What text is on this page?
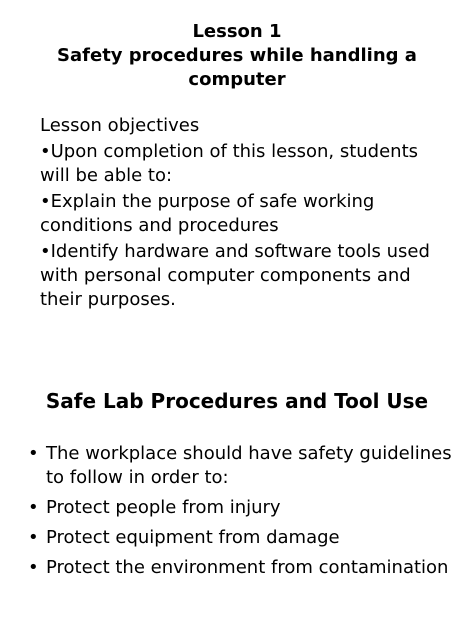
Lesson 1
Safety procedures while handling a
computer
Lesson objectives
•Upon completion of this lesson, students will be able to:
•Explain the purpose of safe working conditions and procedures
•Identify hardware and software tools used with personal computer components and their purposes.
Safe Lab Procedures and Tool Use
• The workplace should have safety guidelines to follow in order to:
• Protect people from injury
• Protect equipment from damage
• Protect the environment from contamination
